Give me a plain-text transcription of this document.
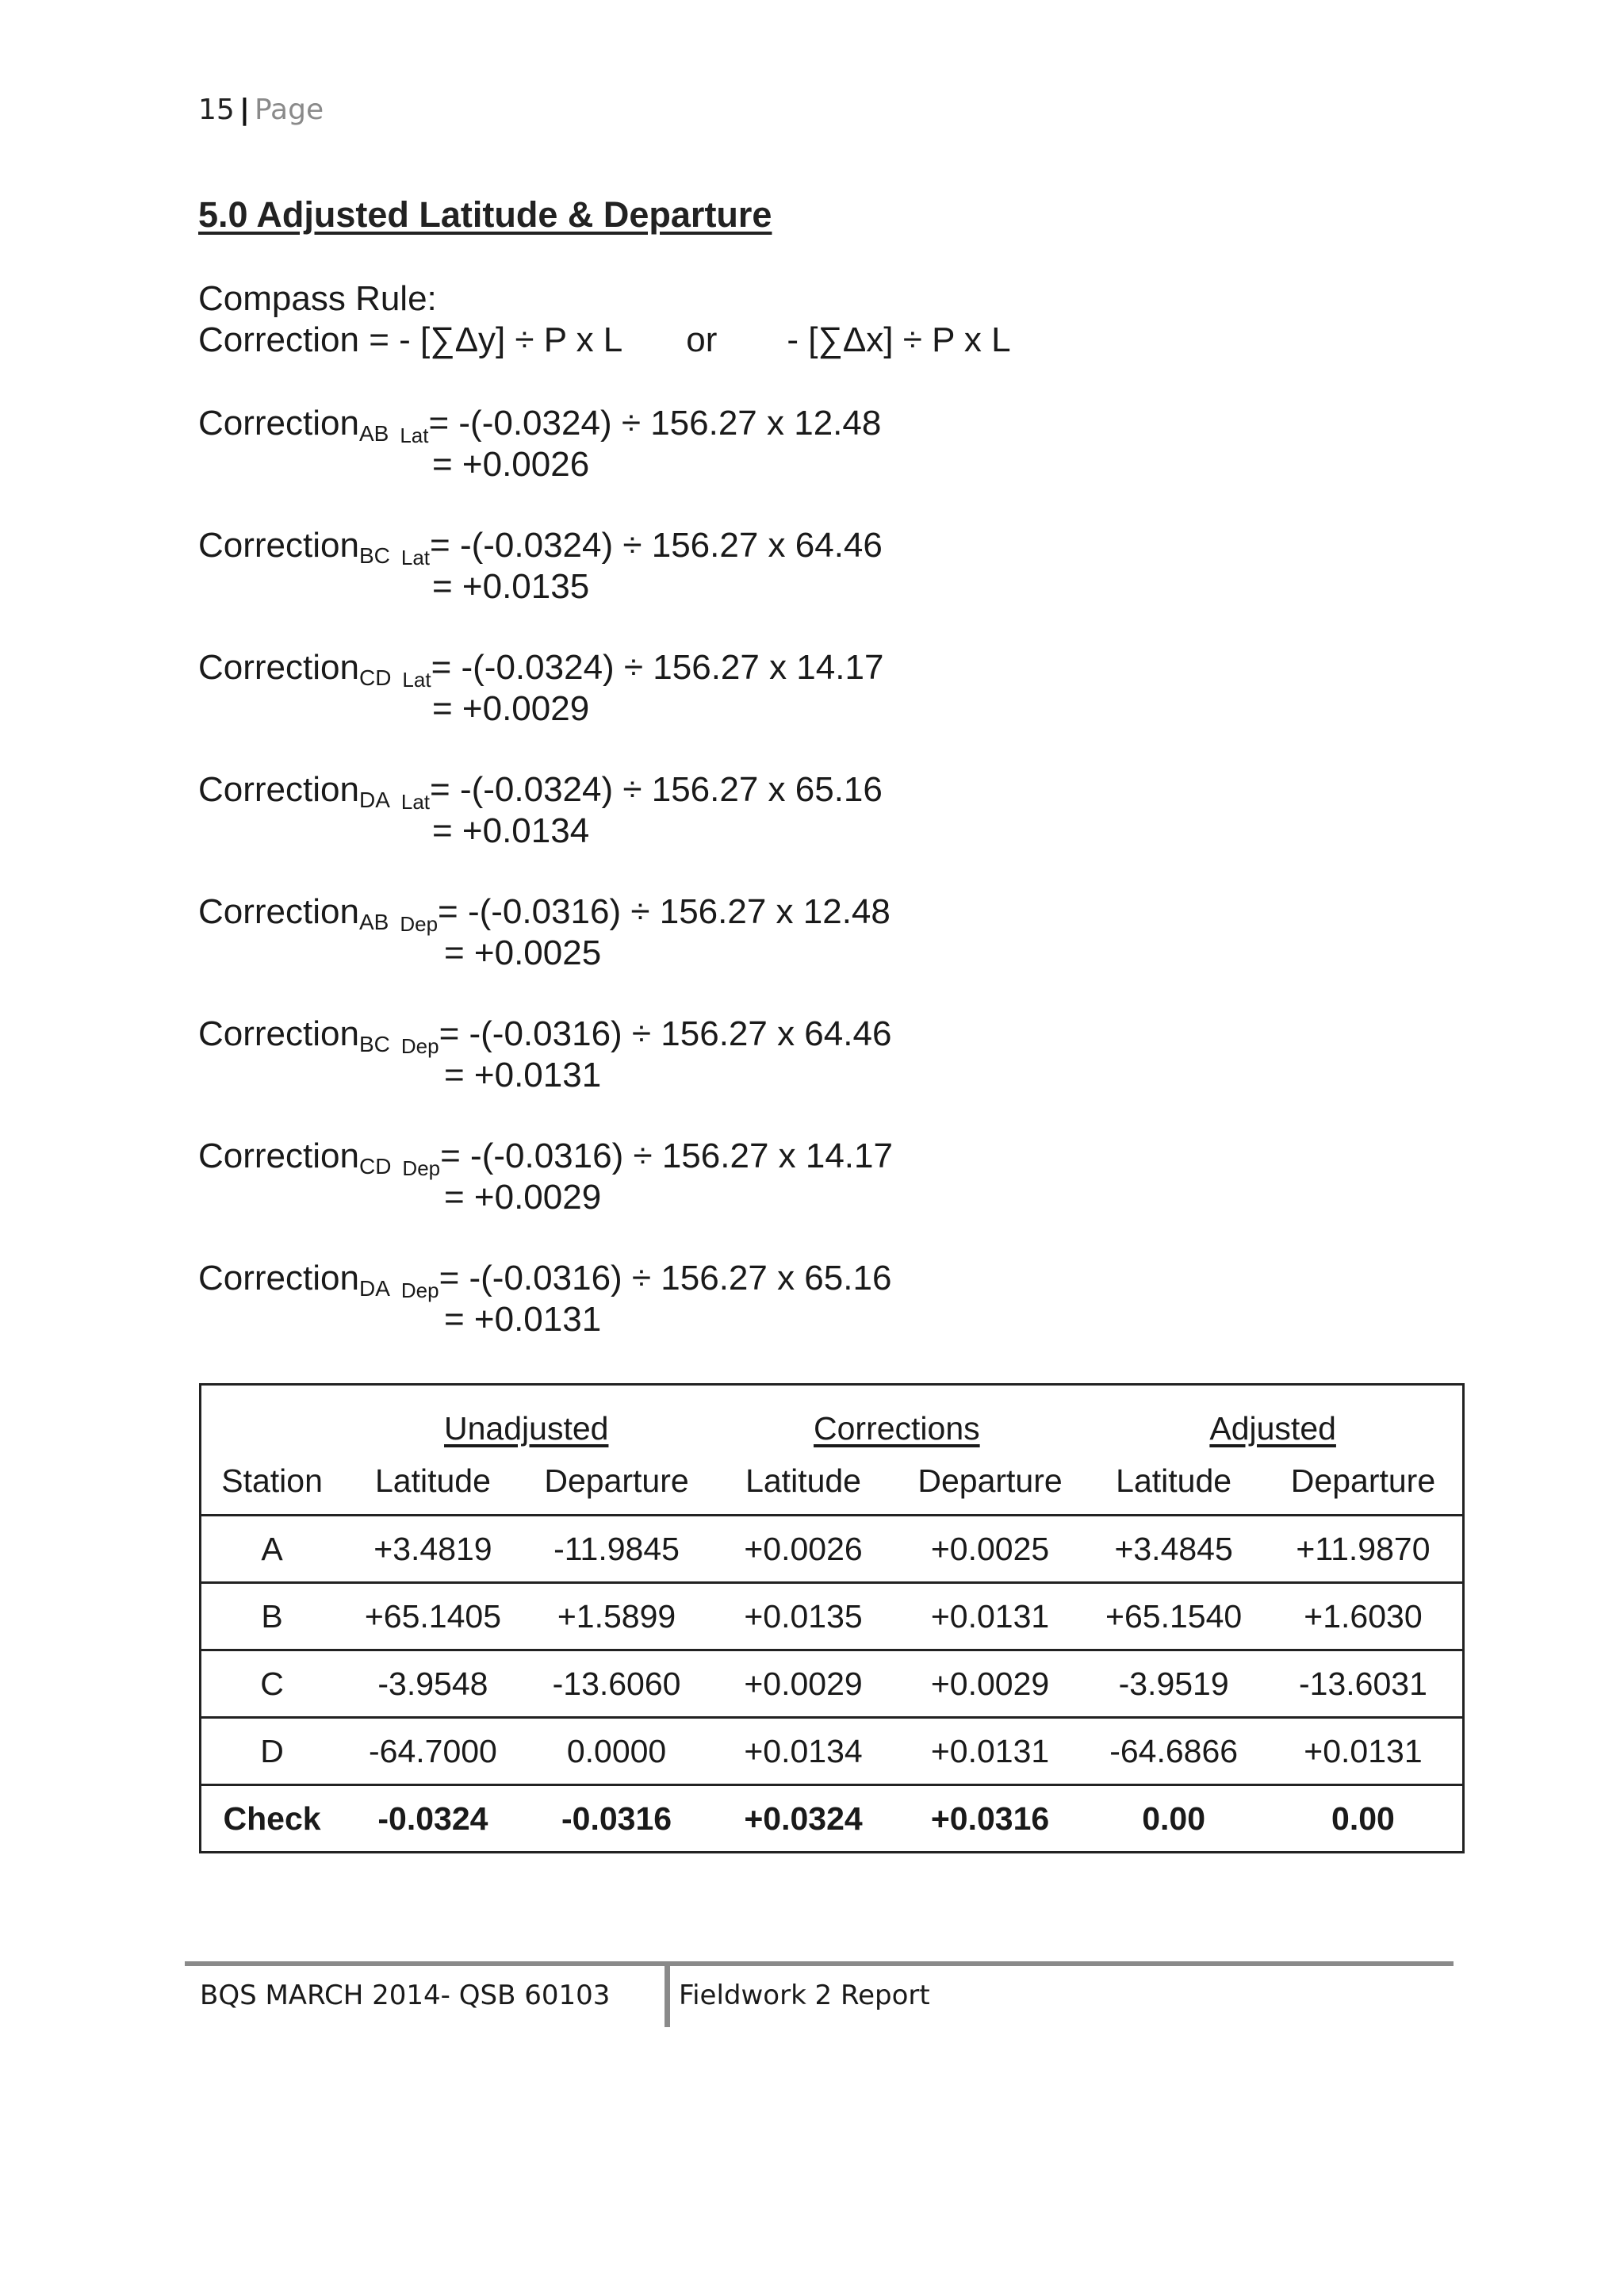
15 | Page
5.0 Adjusted Latitude & Departure
Compass Rule:
Correction = - [∑Δy] ÷ P x L or - [∑Δx] ÷ P x L
Correction$_{AB}$ $_{Lat}$= -(-0.0324) ÷ 156.27 x 12.48
= +0.0026
Correction$_{BC}$ $_{Lat}$= -(-0.0324) ÷ 156.27 x 64.46
= +0.0135
Correction$_{CD}$ $_{Lat}$= -(-0.0324) ÷ 156.27 x 14.17
= +0.0029
Correction$_{DA}$ $_{Lat}$= -(-0.0324) ÷ 156.27 x 65.16
= +0.0134
Correction$_{AB}$ $_{Dep}$= -(-0.0316) ÷ 156.27 x 12.48
= +0.0025
Correction$_{BC}$ $_{Dep}$= -(-0.0316) ÷ 156.27 x 64.46
= +0.0131
Correction$_{CD}$ $_{Dep}$= -(-0.0316) ÷ 156.27 x 14.17
= +0.0029
Correction$_{DA}$ $_{Dep}$= -(-0.0316) ÷ 156.27 x 65.16
= +0.0131
	Unadjusted		Corrections		Adjusted	
Station	Latitude	Departure	Latitude	Departure	Latitude	Departure
A	+3.4819	-11.9845	+0.0026	+0.0025	+3.4845	+11.9870
B	+65.1405	+1.5899	+0.0135	+0.0131	+65.1540	+1.6030
C	-3.9548	-13.6060	+0.0029	+0.0029	-3.9519	-13.6031
D	-64.7000	0.0000	+0.0134	+0.0131	-64.6866	+0.0131
Check	-0.0324	-0.0316	+0.0324	+0.0316	0.00	0.00
BQS MARCH 2014- QSB 60103	Fieldwork 2 Report
